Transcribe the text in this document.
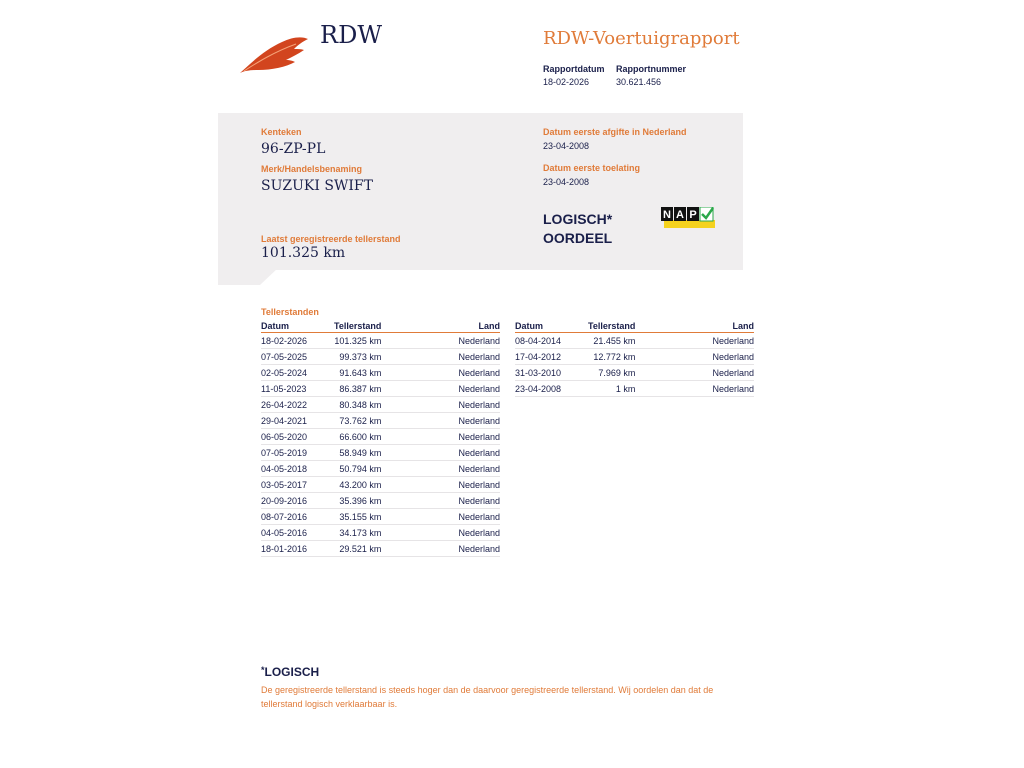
RDW	RDW-Voertuigrapport
Rapportdatum
18-02-2026
Rapportnummer
30.621.456
Kenteken
96-ZP-PL
Merk/Handelsbenaming
SUZUKI SWIFT
Laatst geregistreerde tellerstand
101.325 km
Datum eerste afgifte in Nederland
23-04-2008
Datum eerste toelating
23-04-2008
LOGISCH*
OORDEEL
N A P
Tellerstanden
Datum	Tellerstand	Land
18-02-2026	101.325 km	Nederland
07-05-2025	99.373 km	Nederland
02-05-2024	91.643 km	Nederland
11-05-2023	86.387 km	Nederland
26-04-2022	80.348 km	Nederland
29-04-2021	73.762 km	Nederland
06-05-2020	66.600 km	Nederland
07-05-2019	58.949 km	Nederland
04-05-2018	50.794 km	Nederland
03-05-2017	43.200 km	Nederland
20-09-2016	35.396 km	Nederland
08-07-2016	35.155 km	Nederland
04-05-2016	34.173 km	Nederland
18-01-2016	29.521 km	Nederland
Datum	Tellerstand	Land
08-04-2014	21.455 km	Nederland
17-04-2012	12.772 km	Nederland
31-03-2010	7.969 km	Nederland
23-04-2008	1 km	Nederland
*LOGISCH
De geregistreerde tellerstand is steeds hoger dan de daarvoor geregistreerde tellerstand. Wij oordelen dan dat de tellerstand logisch verklaarbaar is.
